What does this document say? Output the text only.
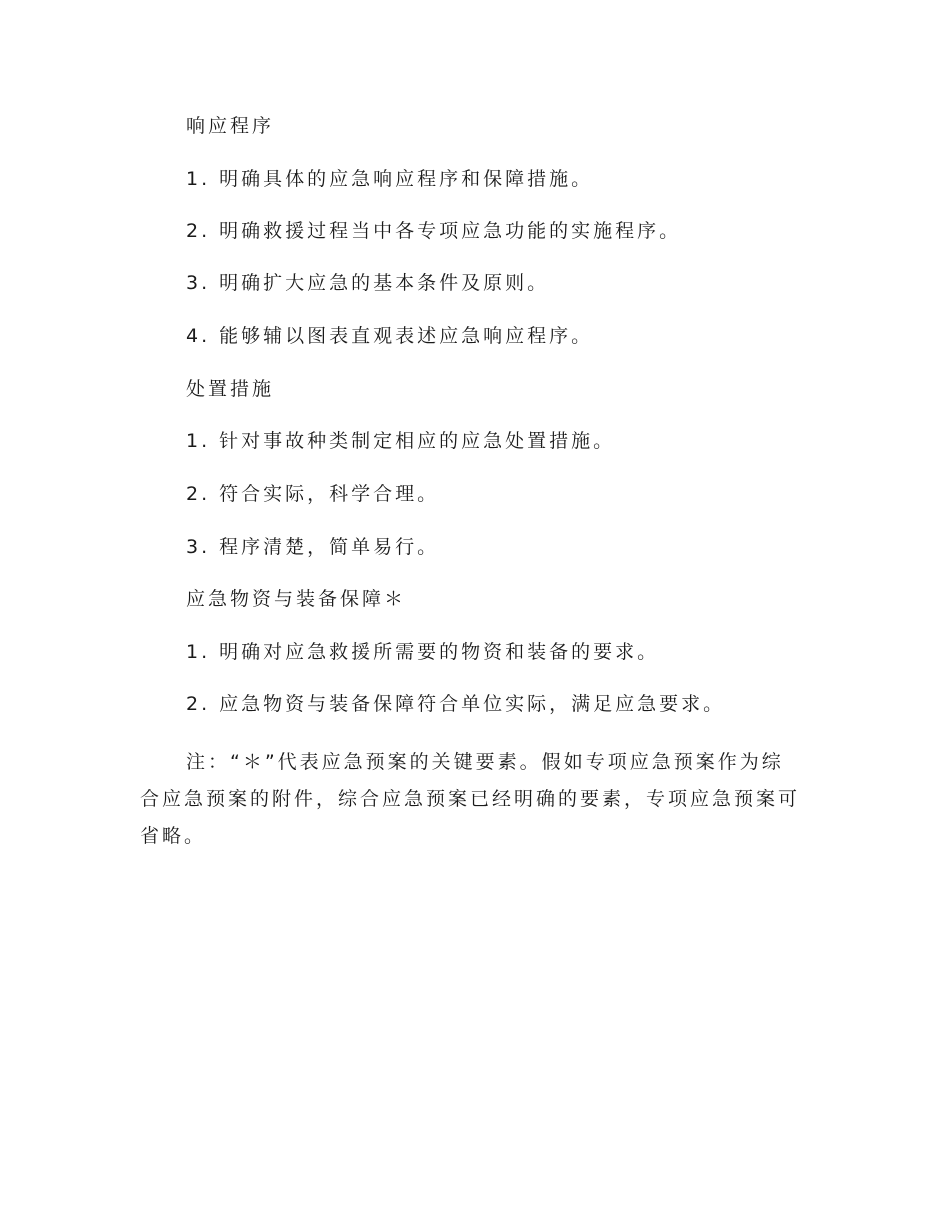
响应程序
1. 明确具体的应急响应程序和保障措施。
2. 明确救援过程当中各专项应急功能的实施程序。
3. 明确扩大应急的基本条件及原则。
4. 能够辅以图表直观表述应急响应程序。
处置措施
1. 针对事故种类制定相应的应急处置措施。
2. 符合实际，科学合理。
3. 程序清楚，简单易行。
应急物资与装备保障＊
1. 明确对应急救援所需要的物资和装备的要求。
2. 应急物资与装备保障符合单位实际，满足应急要求。
注：“＊”代表应急预案的关键要素。假如专项应急预案作为综合应急预案的附件，综合应急预案已经明确的要素，专项应急预案可省略。
